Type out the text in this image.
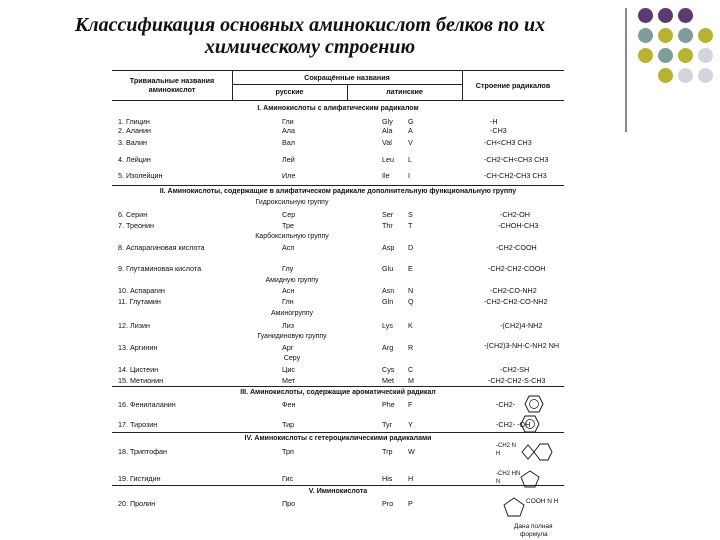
Классификация основных аминокислот белков по их
химическому строению
Тривиальные названия аминокислот
Сокращённые названия
русские	латинские
Строение радикалов
I. Аминокислоты с алифатическим радикалом
1. Глицин	Гли	Gly G	-H
2. Аланин	Ала	Ala A	-CH3
3. Валин	Вал	Val V	-CH<CH3 CH3
4. Лейцин	Лей	Leu L	-CH2-CH<CH3 CH3
5. Изолейцин	Иле	Ile	I	-CH-CH2-CH3 CH3
II. Аминокислоты, содержащие в алифатическом радикале дополнительную функциональную группу
Гидроксильную группу
6. Серин	Сер	Ser S	-CH2-OH
7. Треонин	Тре	Thr T	-CHOH-CH3
Карбоксильную группу
8. Аспарагиновая кислота	Асп	Asp D	-CH2-COOH
9. Глутаминовая кислота	Глу	Glu E	-CH2-CH2-COOH
Амидную группу
10. Аспарагин	Асн	Asn N	-CH2-CO-NH2
11. Глутамин	Глн	Gln Q	-CH2-CH2-CO-NH2
Аминогруппу
12. Лизин	Лиз	Lys K	-(CH2)4-NH2
Гуанидиновую группу
13. Аргинин	Арг	Arg R	-(CH2)3-NH-C-NH2 NH
Серу
14. Цистеин	Цис	Cys C	-CH2-SH
15. Метионин	Мет	Met M	-CH2-CH2-S-CH3
III. Аминокислоты, содержащие ароматический радикал
16. Фенилаланин	Фен	Phe F	-CH2-
17. Тирозин	Тир	Tyr Y	-CH2- -OH
IV. Аминокислоты с гетероциклическими радикалами
18. Триптофан	Трп	Trp W
-CH2 N H
19. Гистидин	Гис	His H	-CH2 HN N
V. Иминокислота
20. Пролин	Про	Pro P	COOH N H
Дана полная
формула
